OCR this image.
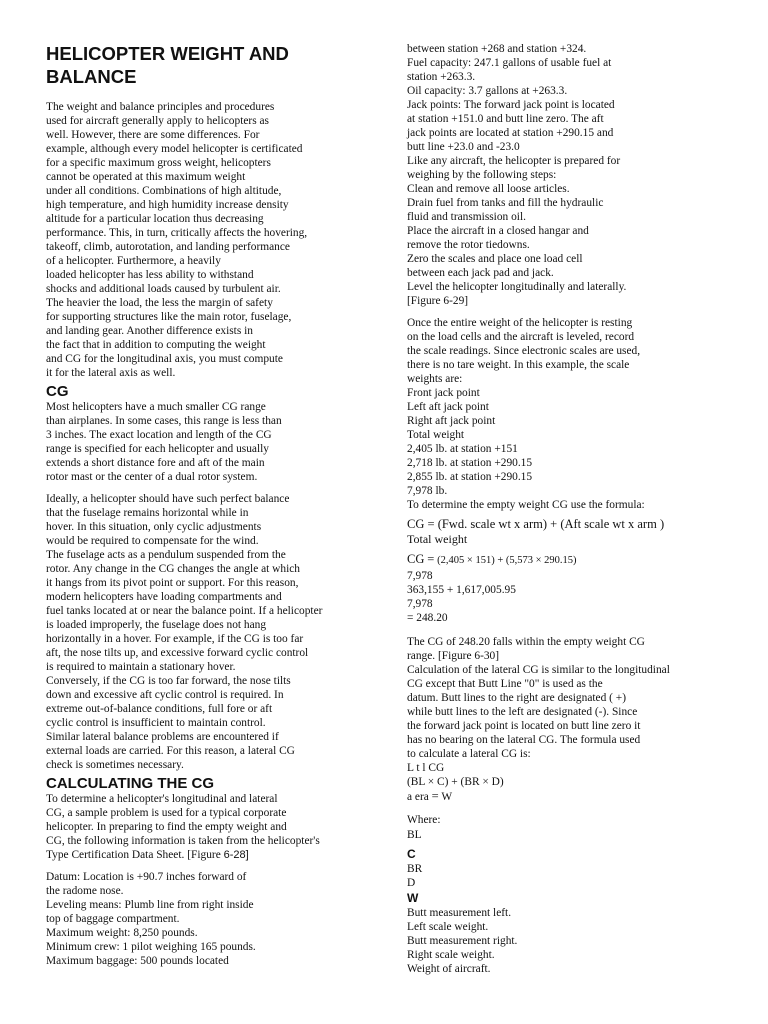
HELICOPTER WEIGHT AND
BALANCE

The weight and balance principles and procedures

used for aircraft generally apply to helicopters as

well. However, there are some differences. For

example, although every model helicopter is certificated

for a specific maximum gross weight, helicopters

cannot be operated at this maximum weight

under all conditions. Combinations of high altitude,

high temperature, and high humidity increase density

altitude for a particular location thus decreasing

performance. This, in turn, critically affects the hovering,

takeoff, climb, autorotation, and landing performance

of a helicopter. Furthermore, a heavily

loaded helicopter has less ability to withstand

shocks and additional loads caused by turbulent air.

The heavier the load, the less the margin of safety

for supporting structures like the main rotor, fuselage,

and landing gear. Another difference exists in

the fact that in addition to computing the weight

and CG for the longitudinal axis, you must compute

it for the lateral axis as well.

CG

Most helicopters have a much smaller CG range

than airplanes. In some cases, this range is less than

3 inches. The exact location and length of the CG

range is specified for each helicopter and usually

extends a short distance fore and aft of the main

rotor mast or the center of a dual rotor system.

Ideally, a helicopter should have such perfect balance

that the fuselage remains horizontal while in

hover. In this situation, only cyclic adjustments

would be required to compensate for the wind.

The fuselage acts as a pendulum suspended from the

rotor. Any change in the CG changes the angle at which

it hangs from its pivot point or support. For this reason,

modern helicopters have loading compartments and

fuel tanks located at or near the balance point. If a helicopter

is loaded improperly, the fuselage does not hang

horizontally in a hover. For example, if the CG is too far

aft, the nose tilts up, and excessive forward cyclic control

is required to maintain a stationary hover.

Conversely, if the CG is too far forward, the nose tilts

down and excessive aft cyclic control is required. In

extreme out-of-balance conditions, full fore or aft

cyclic control is insufficient to maintain control.

Similar lateral balance problems are encountered if

external loads are carried. For this reason, a lateral CG

check is sometimes necessary.

CALCULATING THE CG

To determine a helicopter's longitudinal and lateral

CG, a sample problem is used for a typical corporate

helicopter. In preparing to find the empty weight and

CG, the following information is taken from the helicopter's

Type Certification Data Sheet. [Figure 6-28]

Datum: Location is +90.7 inches forward of

the radome nose.

Leveling means: Plumb line from right inside

top of baggage compartment.

Maximum weight: 8,250 pounds.

Minimum crew: 1 pilot weighing 165 pounds.

Maximum baggage: 500 pounds located

between station +268 and station +324.

Fuel capacity: 247.1 gallons of usable fuel at

station +263.3.

Oil capacity: 3.7 gallons at +263.3.

Jack points: The forward jack point is located

at station +151.0 and butt line zero. The aft

jack points are located at station +290.15 and

butt line +23.0 and -23.0

Like any aircraft, the helicopter is prepared for

weighing by the following steps:

Clean and remove all loose articles.

Drain fuel from tanks and fill the hydraulic

fluid and transmission oil.

Place the aircraft in a closed hangar and

remove the rotor tiedowns.

Zero the scales and place one load cell

between each jack pad and jack.

Level the helicopter longitudinally and laterally.

[Figure 6-29]

Once the entire weight of the helicopter is resting

on the load cells and the aircraft is leveled, record

the scale readings. Since electronic scales are used,

there is no tare weight. In this example, the scale

weights are:

Front jack point

Left aft jack point

Right aft jack point

Total weight

2,405 lb. at station +151

2,718 lb. at station +290.15

2,855 lb. at station +290.15

7,978 lb.

To determine the empty weight CG use the formula:

CG = (Fwd. scale wt x arm) + (Aft scale wt x arm )

Total weight

CG = (2,405 × 151) + (5,573 × 290.15)

7,978

363,155 + 1,617,005.95

7,978

= 248.20

The CG of 248.20 falls within the empty weight CG

range. [Figure 6-30]

Calculation of the lateral CG is similar to the longitudinal

CG except that Butt Line "0" is used as the

datum. Butt lines to the right are designated ( +)

while butt lines to the left are designated (-). Since

the forward jack point is located on butt line zero it

has no bearing on the lateral CG. The formula used

to calculate a lateral CG is:

L t l CG

(BL × C) + (BR × D)

a era = W

Where:

BL

C

BR

D

W

Butt measurement left.

Left scale weight.

Butt measurement right.

Right scale weight.

Weight of aircraft.
